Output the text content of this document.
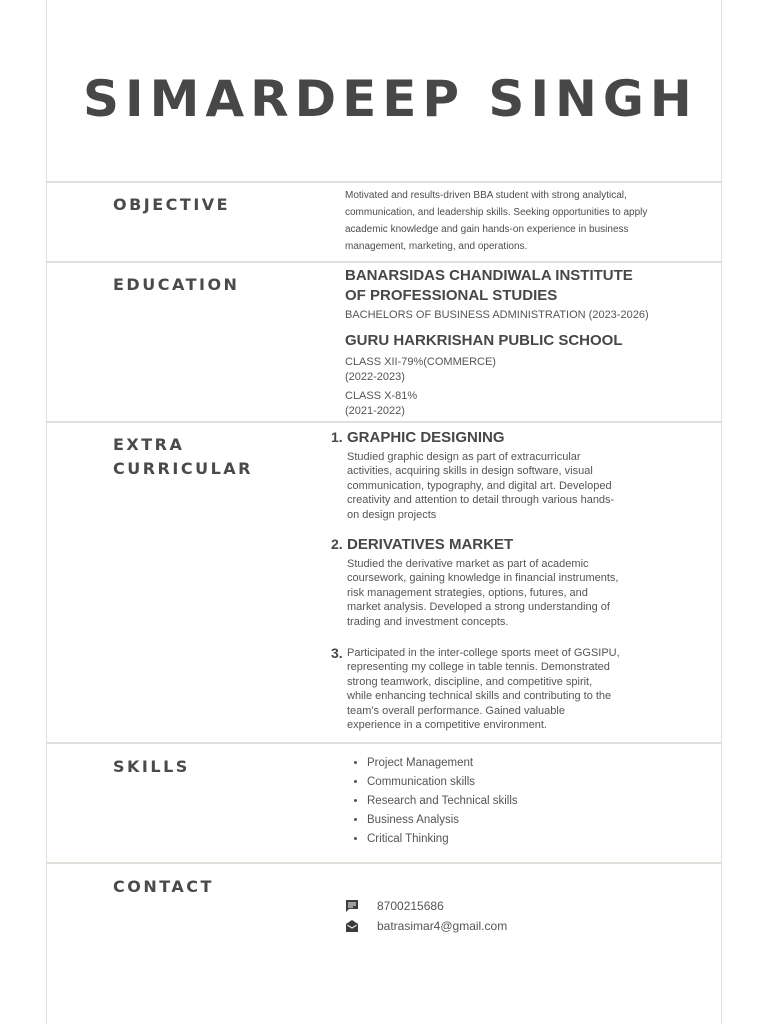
SIMARDEEP SINGH
OBJECTIVE	Motivated and results-driven BBA student with strong analytical,
communication, and leadership skills. Seeking opportunities to apply
academic knowledge and gain hands-on experience in business
management, marketing, and operations.
EDUCATION	BANARSIDAS CHANDIWALA INSTITUTE
OF PROFESSIONAL STUDIES
BACHELORS OF BUSINESS ADMINISTRATION (2023-2026)
GURU HARKRISHAN PUBLIC SCHOOL
CLASS XII-79%(COMMERCE)
(2022-2023)
CLASS X-81%
(2021-2022)
EXTRA
CURRICULAR
1. GRAPHIC DESIGNING
Studied graphic design as part of extracurricular
activities, acquiring skills in design software, visual
communication, typography, and digital art. Developed
creativity and attention to detail through various hands-
on design projects
2. DERIVATIVES MARKET
Studied the derivative market as part of academic
coursework, gaining knowledge in financial instruments,
risk management strategies, options, futures, and
market analysis. Developed a strong understanding of
trading and investment concepts.
3. Participated in the inter-college sports meet of GGSIPU,
representing my college in table tennis. Demonstrated
strong teamwork, discipline, and competitive spirit,
while enhancing technical skills and contributing to the
team's overall performance. Gained valuable
experience in a competitive environment.
SKILLS
•	Project Management
• Communication skills
• Research and Technical skills
• Business Analysis
• Critical Thinking
CONTACT
8700215686
batrasimar4@gmail.com
